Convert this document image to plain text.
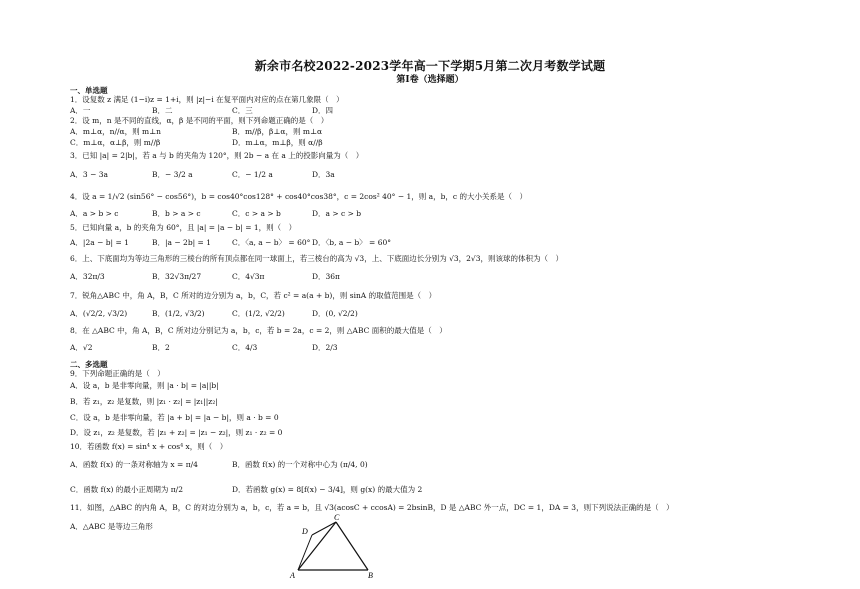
新余市名校2022-2023学年高一下学期5月第二次月考数学试题
第I卷（选择题）
一、单选题
1．设复数 z 满足 (1−i)z = 1+i，则 |z|−i 在复平面内对应的点在第几象限（　）
A．一	B．二	C．三	D．四
2．设 m，n 是不同的直线，α，β 是不同的平面，则下列命题正确的是（　）
A．m⊥α，n//α，则 m⊥n	B．m//β，β⊥α，则 m⊥α
C．m⊥α，α⊥β，则 m//β	D．m⊥α，m⊥β，则 α//β
3．已知 |a| = 2|b|，若 a 与 b 的夹角为 120°，则 2b − a 在 a 上的投影向量为（　）
A．3 − 3a	B．− 3/2 a	C．− 1/2 a	D．3a
4．设 a = 1/√2 (sin56° − cos56°)，b = cos40°cos128° + cos40°cos38°，c = 2cos² 40° − 1，则 a，b，c 的大小关系是（　）
A．a > b > c	B．b > a > c	C．c > a > b	D．a > c > b
5．已知向量 a，b 的夹角为 60°，且 |a| = |a − b| = 1，则（　）
A．|2a − b| = 1	B．|a − 2b| = 1	C．〈a, a − b〉 = 60° D．〈b, a − b〉 = 60°
6．上、下底面均为等边三角形的三棱台的所有顶点都在同一球面上，若三棱台的高为 √3，上、下底面边长分别为 √3，2√3，则该球的体积为（　）
A．32π/3	B．32√3π/27	C．4√3π	D．36π
7．锐角△ABC 中，角 A，B，C 所对的边分别为 a，b，C，若 c² = a(a + b)，则 sinA 的取值范围是（　）
A．(√2/2, √3/2)	B．(1/2, √3/2)	C．(1/2, √2/2)	D．(0, √2/2)
8．在 △ABC 中，角 A，B，C 所对边分别记为 a，b，c，若 b = 2a，c = 2，则 △ABC 面积的最大值是（　）
A．√2	B．2	C．4/3	D．2/3
二、多选题
9．下列命题正确的是（　）
A．设 a，b 是非零向量，则 |a · b| = |a||b|
B．若 z₁，z₂ 是复数，则 |z₁ · z₂| = |z₁||z₂|
C．设 a，b 是非零向量，若 |a + b| = |a − b|，则 a · b = 0
D．设 z₁，z₂ 是复数，若 |z₁ + z₂| = |z₁ − z₂|，则 z₁ · z₂ = 0
10．若函数 f(x) = sin⁴ x + cos⁴ x，则（　）
A．函数 f(x) 的一条对称轴为 x = π/4	B．函数 f(x) 的一个对称中心为 (π/4, 0)
C．函数 f(x) 的最小正周期为 π/2	D．若函数 g(x) = 8[f(x) − 3/4]，则 g(x) 的最大值为 2
11．如图，△ABC 的内角 A，B，C 的对边分别为 a，b，c，若 a = b，且 √3(acosC + ccosA) = 2bsinB，D 是 △ABC 外一点，DC = 1，DA = 3，则下列说法正确的是（　）
A．△ABC 是等边三角形
A	B
C
D
